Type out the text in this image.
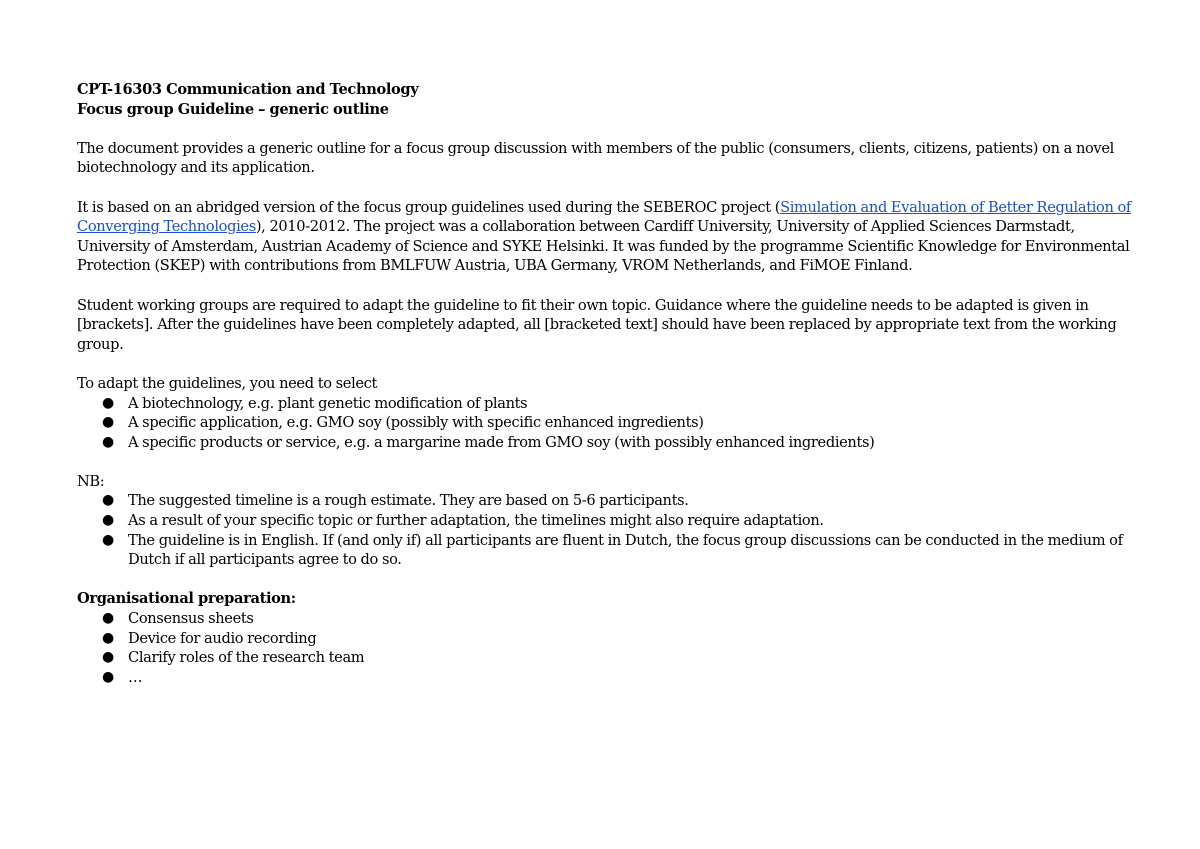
CPT-16303 Communication and Technology

Focus group Guideline – generic outline

The document provides a generic outline for a focus group discussion with members of the public (consumers, clients, citizens, patients) on a novel biotechnology and its application.

It is based on an abridged version of the focus group guidelines used during the SEBEROC project (Simulation and Evaluation of Better Regulation of Converging Technologies), 2010-2012. The project was a collaboration between Cardiff University, University of Applied Sciences Darmstadt, University of Amsterdam, Austrian Academy of Science and SYKE Helsinki. It was funded by the programme Scientific Knowledge for Environmental Protection (SKEP) with contributions from BMLFUW Austria, UBA Germany, VROM Netherlands, and FiMOE Finland.

Student working groups are required to adapt the guideline to fit their own topic. Guidance where the guideline needs to be adapted is given in [brackets]. After the guidelines have been completely adapted, all [bracketed text] should have been replaced by appropriate text from the working group.

To adapt the guidelines, you need to select

● A biotechnology, e.g. plant genetic modification of plants
● A specific application, e.g. GMO soy (possibly with specific enhanced ingredients)
● A specific products or service, e.g. a margarine made from GMO soy (with possibly enhanced ingredients)

NB:

● The suggested timeline is a rough estimate. They are based on 5-6 participants.
● As a result of your specific topic or further adaptation, the timelines might also require adaptation.
● The guideline is in English. If (and only if) all participants are fluent in Dutch, the focus group discussions can be conducted in the medium of Dutch if all participants agree to do so.

Organisational preparation:

● Consensus sheets
● Device for audio recording
● Clarify roles of the research team
● …
